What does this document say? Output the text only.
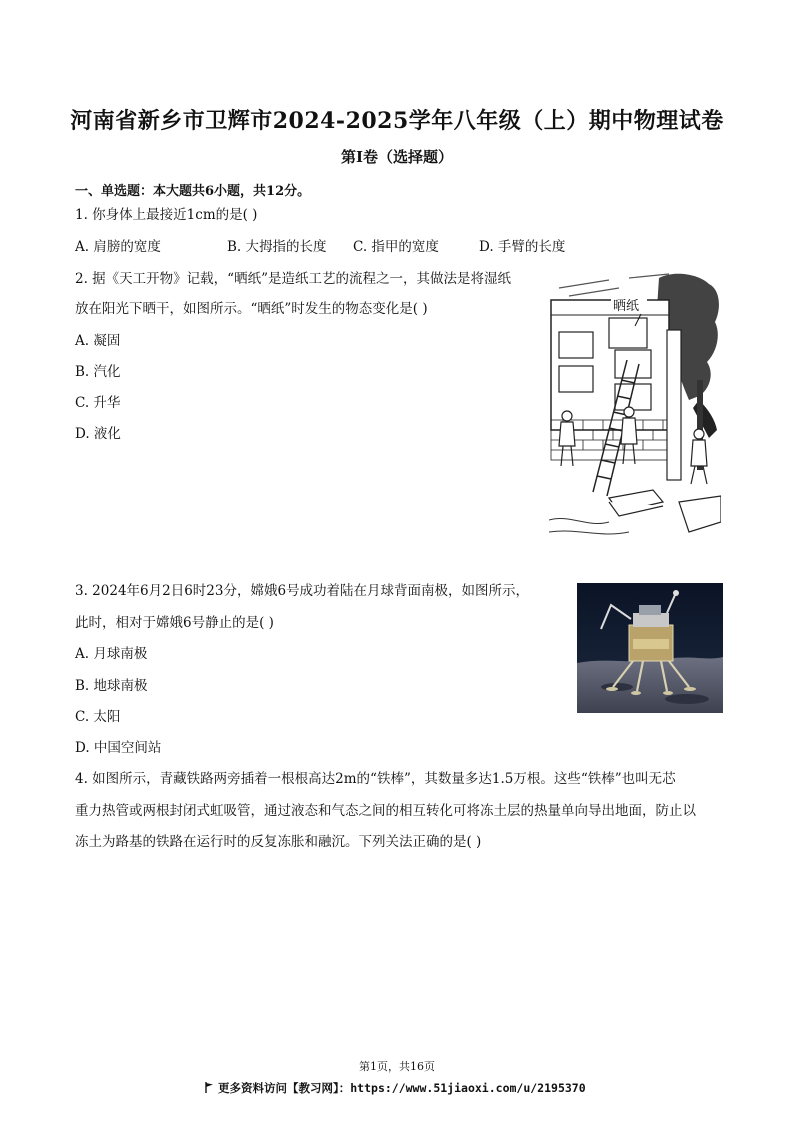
河南省新乡市卫辉市2024-2025学年八年级（上）期中物理试卷
第Ⅰ卷（选择题）
一、单选题：本大题共6小题，共12分。
1. 你身体上最接近1cm的是( )
A. 肩膀的宽度	B. 大拇指的长度	C. 指甲的宽度	D. 手臂的长度
2. 据《天工开物》记载，“晒纸”是造纸工艺的流程之一，其做法是将湿纸
放在阳光下晒干，如图所示。“晒纸”时发生的物态变化是( )
A. 凝固
B. 汽化
C. 升华
D. 液化
晒纸
3. 2024年6月2日6时23分，嫦娥6号成功着陆在月球背面南极，如图所示，
此时，相对于嫦娥6号静止的是( )
A. 月球南极
B. 地球南极
C. 太阳
D. 中国空间站
4. 如图所示，青藏铁路两旁插着一根根高达2m的“铁棒”，其数量多达1.5万根。这些“铁棒”也叫无芯
重力热管或两根封闭式虹吸管，通过液态和气态之间的相互转化可将冻土层的热量单向导出地面，防止以
冻土为路基的铁路在运行时的反复冻胀和融沉。下列关法正确的是( )
第1页，共16页
更多资料访问【教习网】：https://www.51jiaoxi.com/u/2195370
